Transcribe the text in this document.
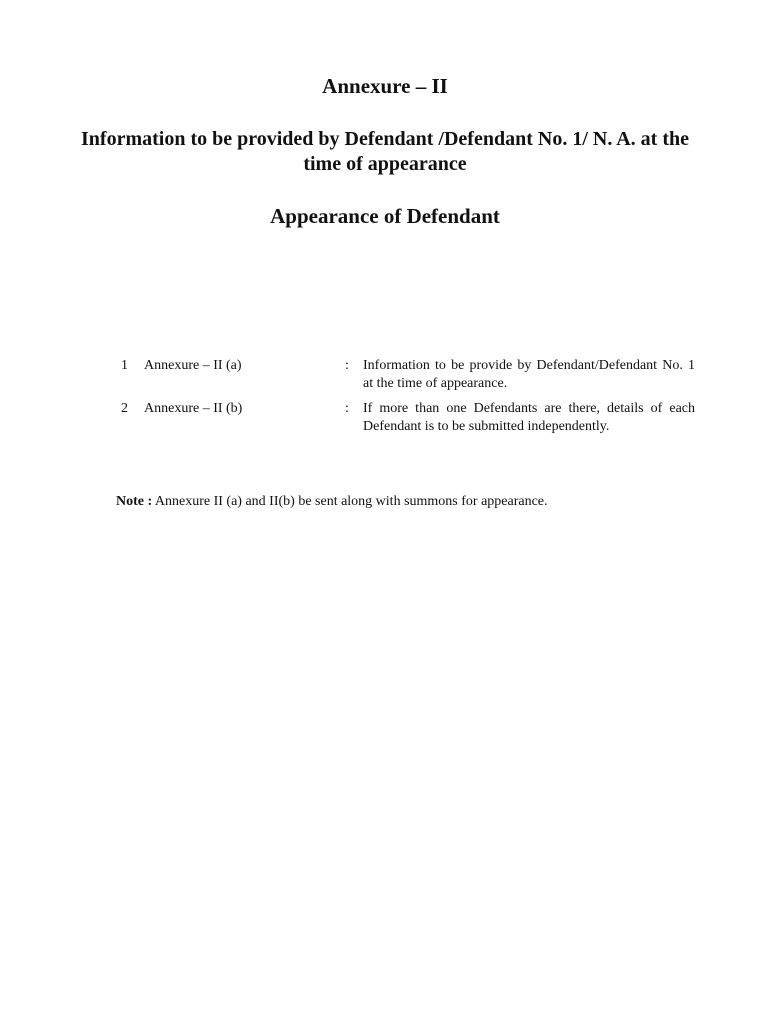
Annexure – II
Information to be provided by Defendant /Defendant No. 1/ N. A. at the time of appearance
Appearance of Defendant
1 Annexure – II (a)	: Information to be provide by Defendant/Defendant No. 1 at the time of appearance.
2 Annexure – II (b)	: If more than one Defendants are there, details of each Defendant is to be submitted independently.
Note : Annexure II (a) and II(b) be sent along with summons for appearance.
